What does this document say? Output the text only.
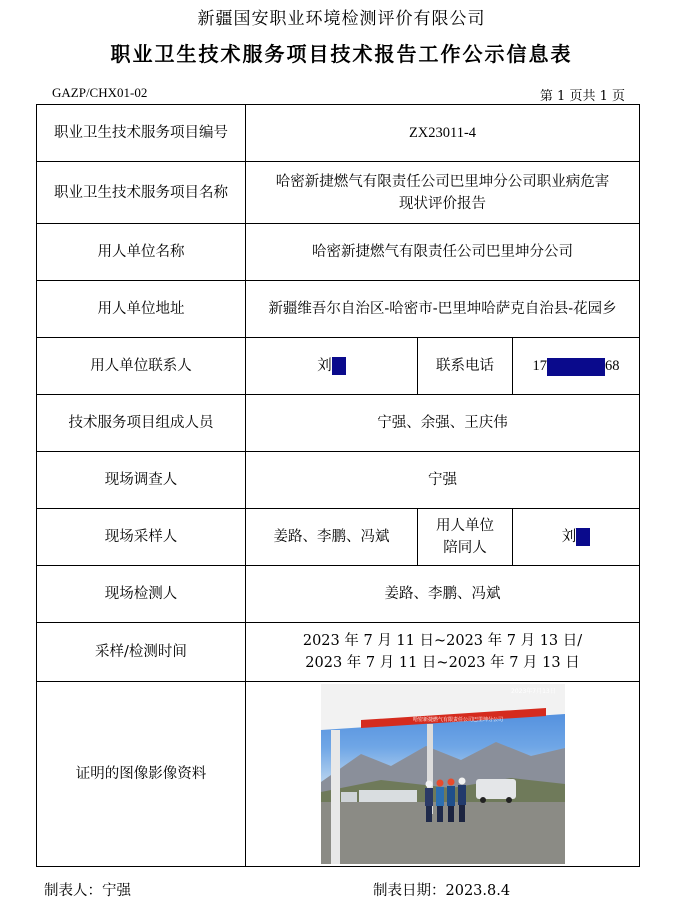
新疆国安职业环境检测评价有限公司
职业卫生技术服务项目技术报告工作公示信息表
GAZP/CHX01-02	第 1 页共 1 页
职业卫生技术服务项目编号	ZX23011-4		
职业卫生技术服务项目名称	哈密新捷燃气有限责任公司巴里坤分公司职业病危害现状评价报告		
用人单位名称	哈密新捷燃气有限责任公司巴里坤分公司		
用人单位地址	新疆维吾尔自治区-哈密市-巴里坤哈萨克自治县-花园乡		
用人单位联系人	刘	联系电话	17 68
技术服务项目组成人员	宁强、余强、王庆伟		
现场调查人	宁强		
现场采样人	姜路、李鹏、冯斌	用人单位陪同人	刘
现场检测人	姜路、李鹏、冯斌		
采样/检测时间	2023 年 7 月 11 日~2023 年 7 月 13 日/
2023 年 7 月 11 日~2023 年 7 月 13 日		

证明的图像影像资料	哈密新捷燃气有限责任公司巴里坤分公司
2023年7月13日		
制表人：宁强	制表日期：2023.8.4
